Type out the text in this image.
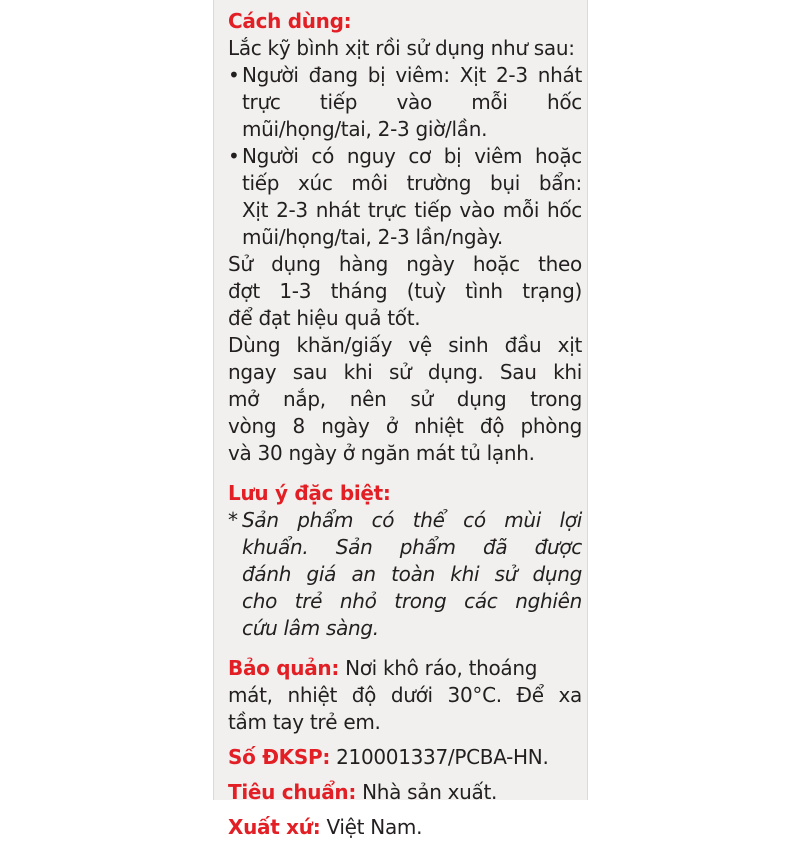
Cách dùng:

Lắc kỹ bình xịt rồi sử dụng như sau:

• Người đang bị viêm: Xịt 2-3 nhát
trực tiếp vào mỗi hốc
mũi/họng/tai, 2-3 giờ/lần.
• Người có nguy cơ bị viêm hoặc
tiếp xúc môi trường bụi bẩn:
Xịt 2-3 nhát trực tiếp vào mỗi hốc
mũi/họng/tai, 2-3 lần/ngày.
Sử dụng hàng ngày hoặc theo
đợt 1-3 tháng (tuỳ tình trạng)
để đạt hiệu quả tốt.
Dùng khăn/giấy vệ sinh đầu xịt
ngay sau khi sử dụng. Sau khi
mở nắp, nên sử dụng trong
vòng 8 ngày ở nhiệt độ phòng
và 30 ngày ở ngăn mát tủ lạnh.

Lưu ý đặc biệt:

* Sản phẩm có thể có mùi lợi
khuẩn. Sản phẩm đã được
đánh giá an toàn khi sử dụng
cho trẻ nhỏ trong các nghiên
cứu lâm sàng.
Bảo quản: Nơi khô ráo, thoáng
mát, nhiệt độ dưới 30°C. Để xa
tầm tay trẻ em.

Số ĐKSP: 210001337/PCBA-HN.

Tiêu chuẩn: Nhà sản xuất.

Xuất xứ: Việt Nam.
